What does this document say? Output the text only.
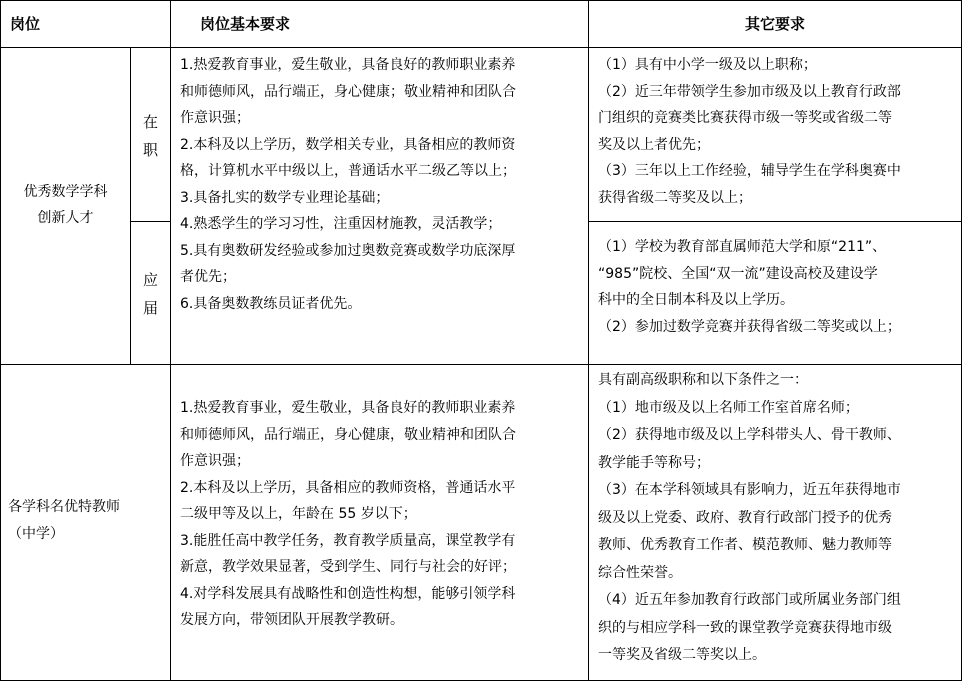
岗位	岗位基本要求	其它要求
优秀数学学科
创新人才
在
职
应
届
1.热爱教育事业，爱生敬业，具备良好的教师职业素养
和师德师风，品行端正，身心健康；敬业精神和团队合
作意识强；
2.本科及以上学历，数学相关专业，具备相应的教师资
格，计算机水平中级以上，普通话水平二级乙等以上；
3.具备扎实的数学专业理论基础；
4.熟悉学生的学习习性，注重因材施教，灵活教学；
5.具有奥数研发经验或参加过奥数竞赛或数学功底深厚
者优先；
6.具备奥数教练员证者优先。
（1）具有中小学一级及以上职称；
（2）近三年带领学生参加市级及以上教育行政部
门组织的竞赛类比赛获得市级一等奖或省级二等
奖及以上者优先；
（3）三年以上工作经验，辅导学生在学科奥赛中
获得省级二等奖及以上；
（1）学校为教育部直属师范大学和原“211”、
“985”院校、全国“双一流”建设高校及建设学
科中的全日制本科及以上学历。
（2）参加过数学竞赛并获得省级二等奖或以上；
各学科名优特教师
（中学）
1.热爱教育事业，爱生敬业，具备良好的教师职业素养
和师德师风，品行端正，身心健康，敬业精神和团队合
作意识强；
2.本科及以上学历，具备相应的教师资格，普通话水平
二级甲等及以上，年龄在 55 岁以下；
3.能胜任高中教学任务，教育教学质量高，课堂教学有
新意，教学效果显著，受到学生、同行与社会的好评；
4.对学科发展具有战略性和创造性构想，能够引领学科
发展方向，带领团队开展教学教研。
具有副高级职称和以下条件之一：
（1）地市级及以上名师工作室首席名师；
（2）获得地市级及以上学科带头人、骨干教师、
教学能手等称号；
（3）在本学科领域具有影响力，近五年获得地市
级及以上党委、政府、教育行政部门授予的优秀
教师、优秀教育工作者、模范教师、魅力教师等
综合性荣誉。
（4）近五年参加教育行政部门或所属业务部门组
织的与相应学科一致的课堂教学竞赛获得地市级
一等奖及省级二等奖以上。
